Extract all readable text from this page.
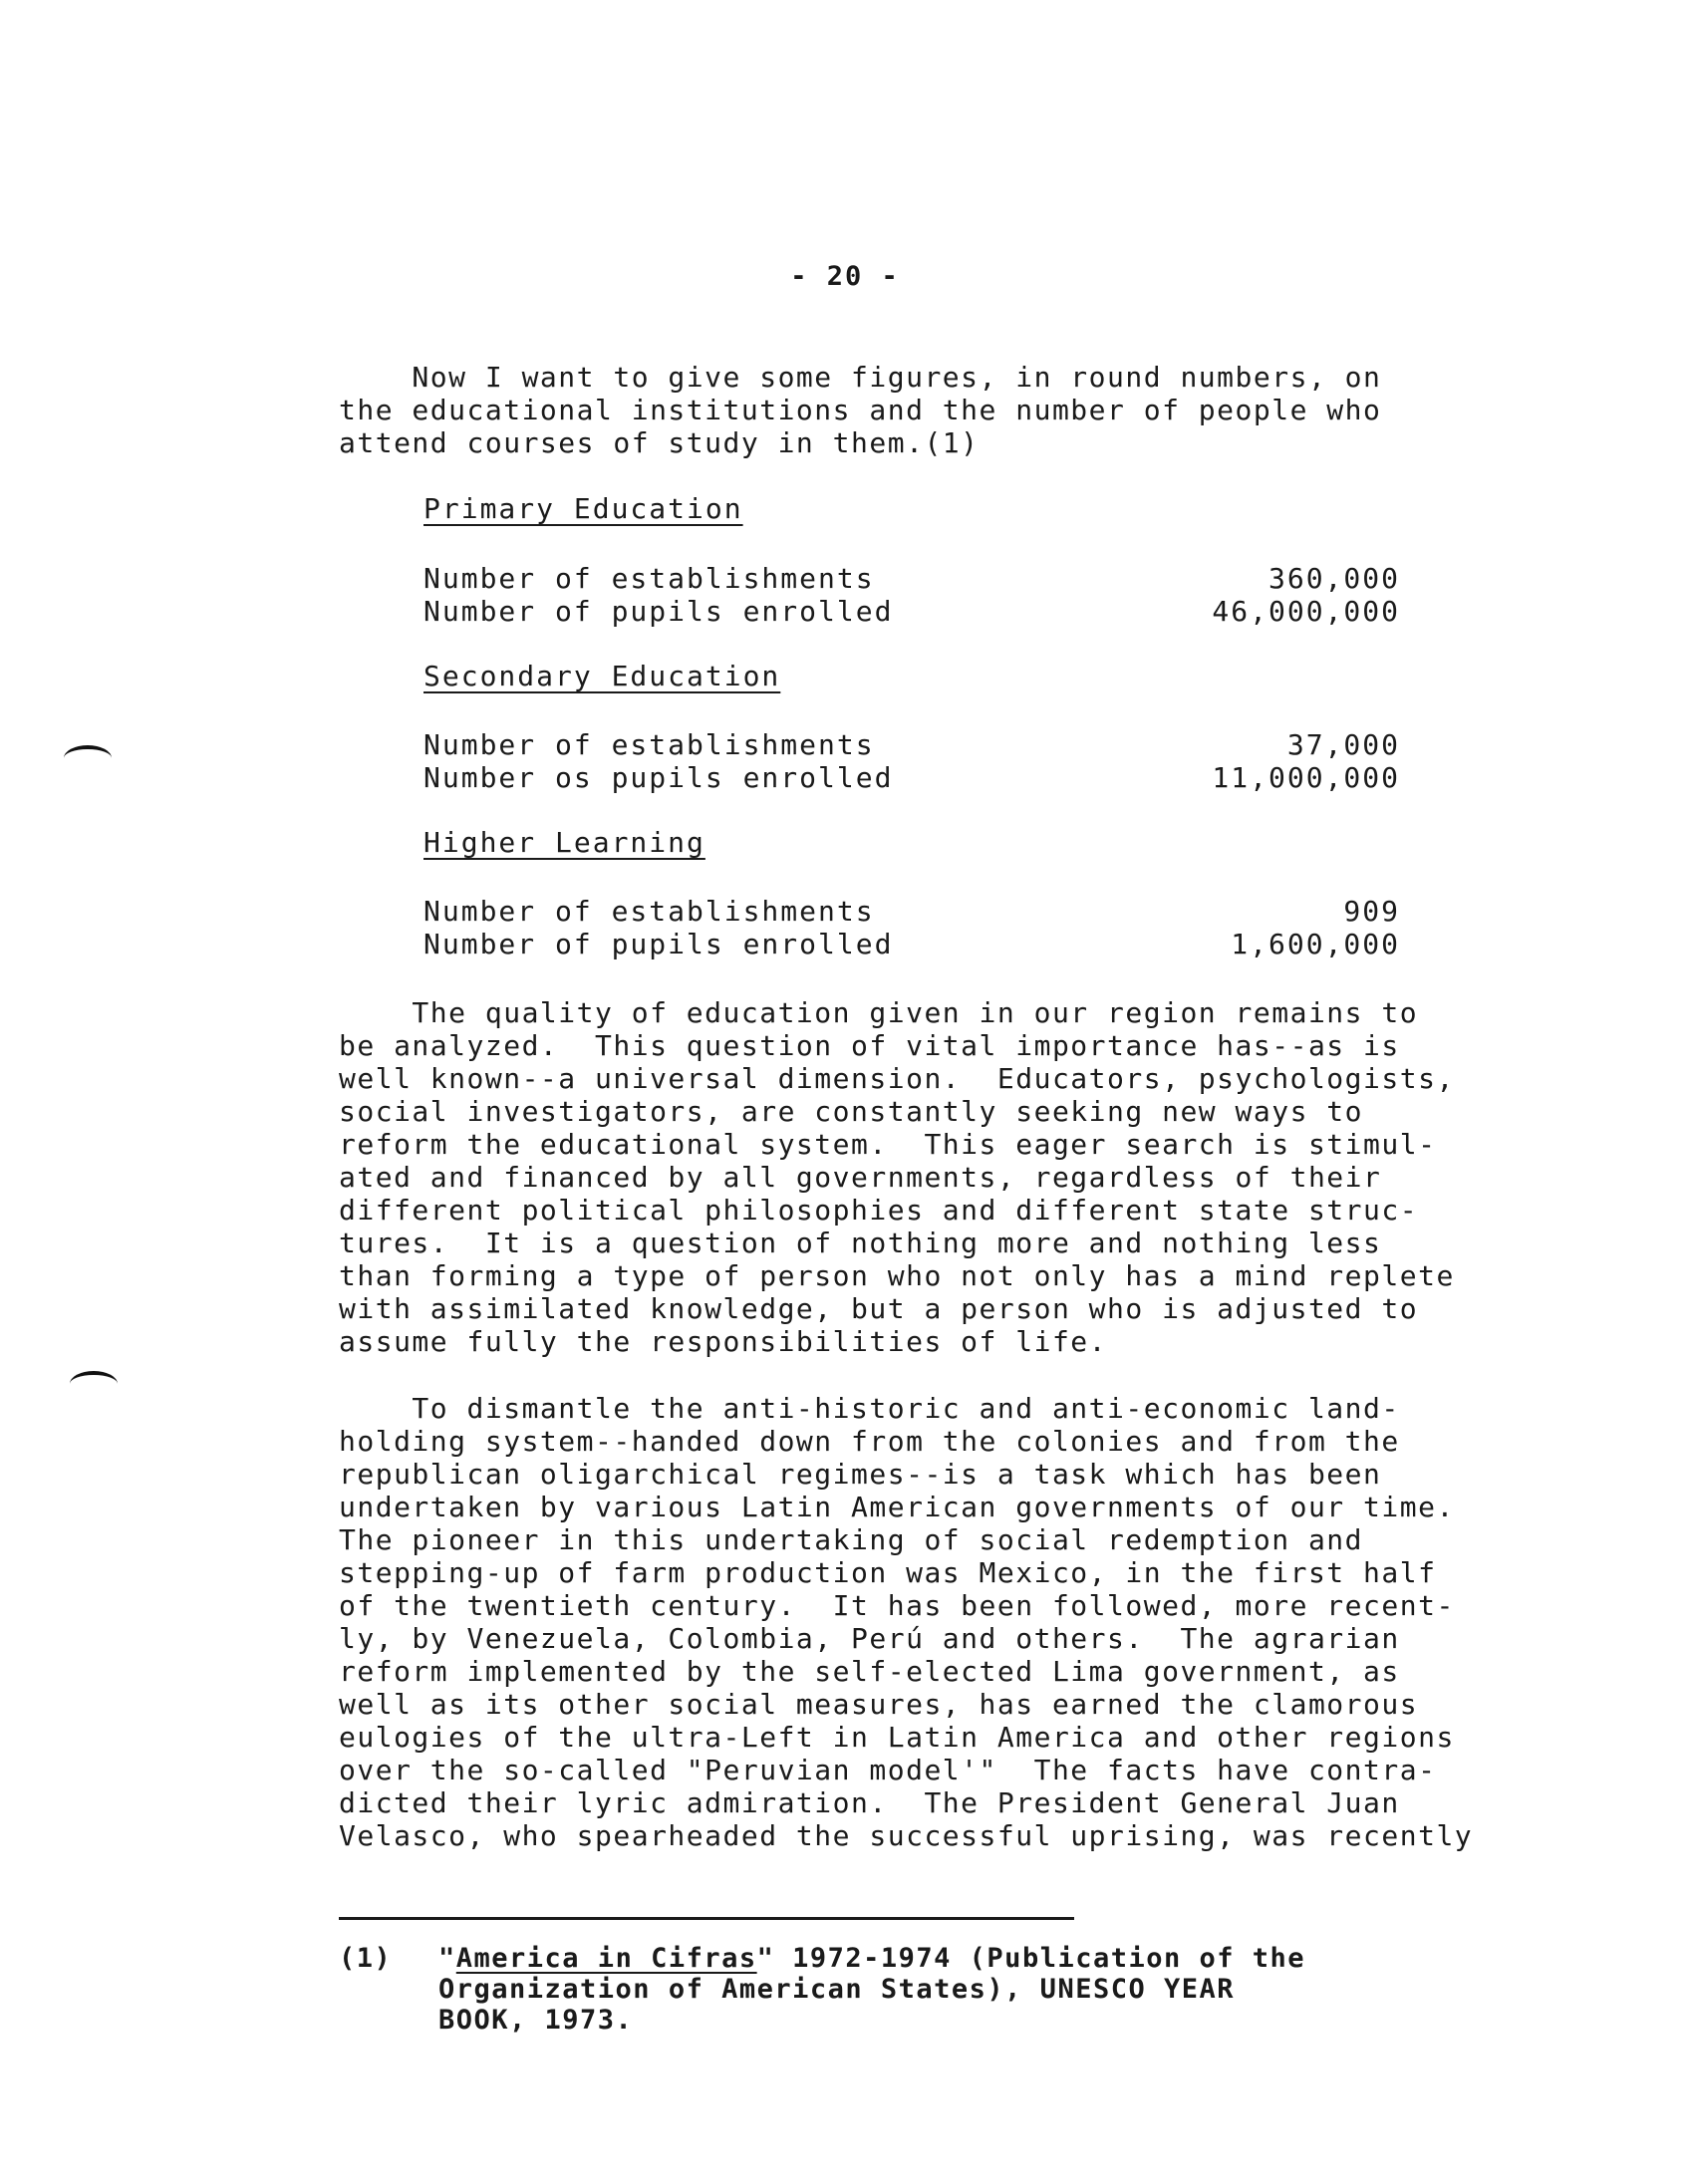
- 20 -
Now I want to give some figures, in round numbers, on
the educational institutions and the number of people who
attend courses of study in them.(1)
Primary Education
Number of establishments	360,000
Number of pupils enrolled	46,000,000
Secondary Education
Number of establishments	37,000
Number os pupils enrolled	11,000,000
Higher Learning
Number of establishments	909
Number of pupils enrolled	1,600,000
The quality of education given in our region remains to
be analyzed.  This question of vital importance has--as is
well known--a universal dimension.  Educators, psychologists,
social investigators, are constantly seeking new ways to
reform the educational system.  This eager search is stimul-
ated and financed by all governments, regardless of their
different political philosophies and different state struc-
tures.  It is a question of nothing more and nothing less
than forming a type of person who not only has a mind replete
with assimilated knowledge, but a person who is adjusted to
assume fully the responsibilities of life.
To dismantle the anti-historic and anti-economic land-
holding system--handed down from the colonies and from the
republican oligarchical regimes--is a task which has been
undertaken by various Latin American governments of our time.
The pioneer in this undertaking of social redemption and
stepping-up of farm production was Mexico, in the first half
of the twentieth century.  It has been followed, more recent-
ly, by Venezuela, Colombia, Perú and others.  The agrarian
reform implemented by the self-elected Lima government, as
well as its other social measures, has earned the clamorous
eulogies of the ultra-Left in Latin America and other regions
over the so-called "Peruvian model'"  The facts have contra-
dicted their lyric admiration.  The President General Juan
Velasco, who spearheaded the successful uprising, was recently
(1) "America in Cifras" 1972-1974 (Publication of the
Organization of American States), UNESCO YEAR
BOOK, 1973.
